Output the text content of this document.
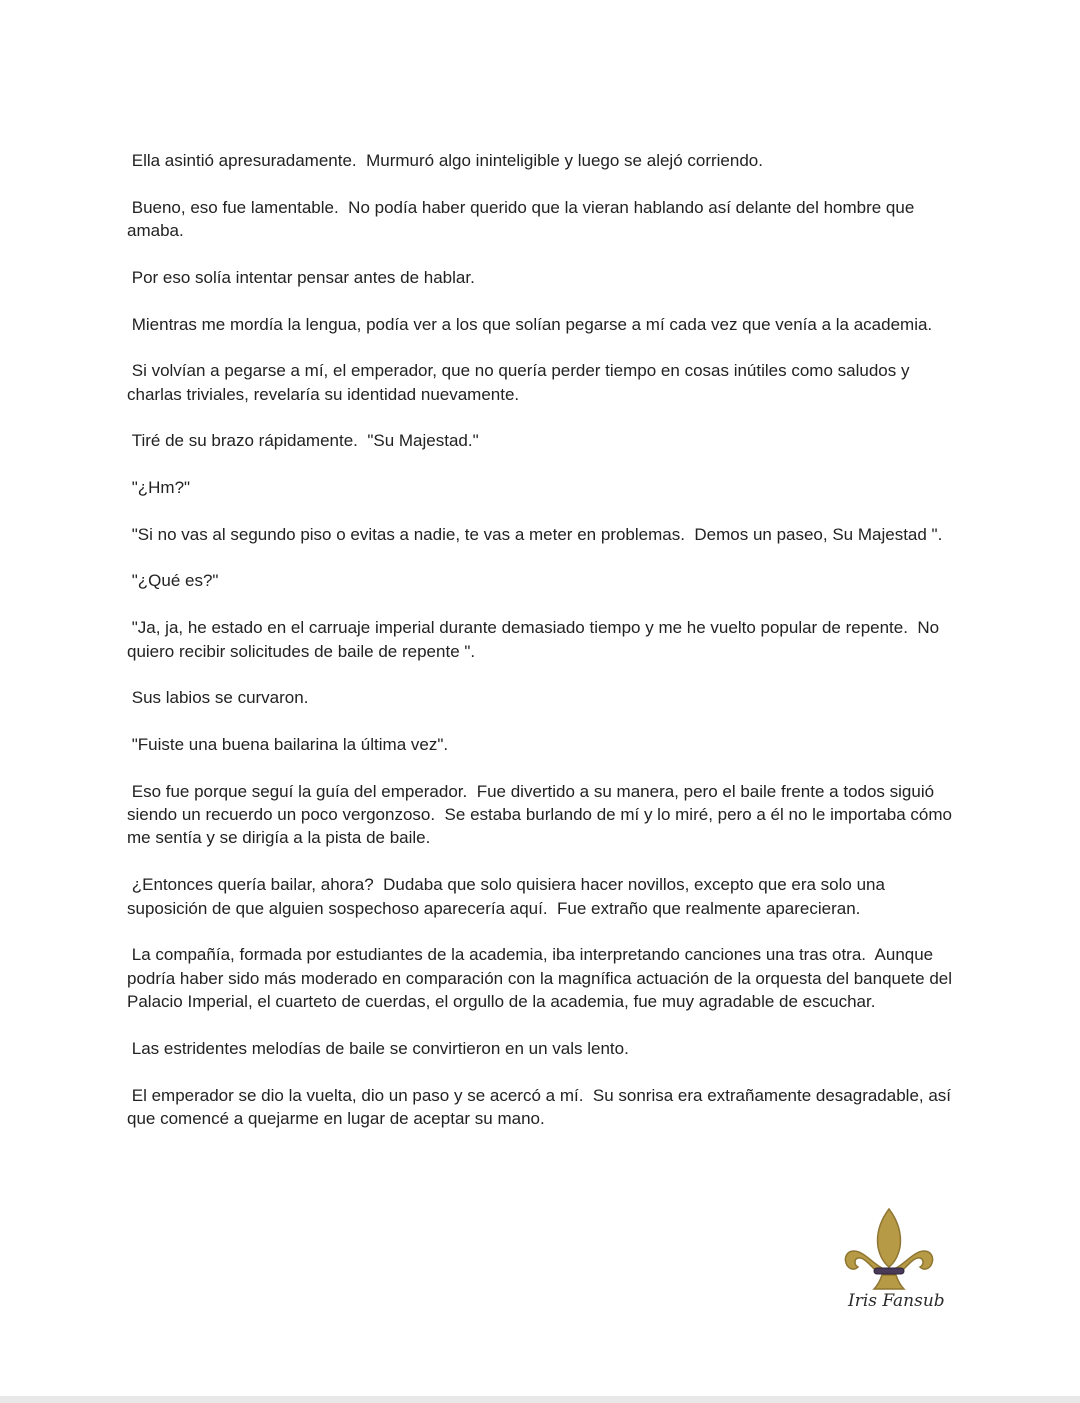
Ella asintió apresuradamente.  Murmuró algo ininteligible y luego se alejó corriendo.

Bueno, eso fue lamentable.  No podía haber querido que la vieran hablando así delante del hombre que amaba.

Por eso solía intentar pensar antes de hablar.

Mientras me mordía la lengua, podía ver a los que solían pegarse a mí cada vez que venía a la academia.

Si volvían a pegarse a mí, el emperador, que no quería perder tiempo en cosas inútiles como saludos y charlas triviales, revelaría su identidad nuevamente.

Tiré de su brazo rápidamente.  "Su Majestad."

"¿Hm?"

"Si no vas al segundo piso o evitas a nadie, te vas a meter en problemas.  Demos un paseo, Su Majestad ".

"¿Qué es?"

"Ja, ja, he estado en el carruaje imperial durante demasiado tiempo y me he vuelto popular de repente.  No quiero recibir solicitudes de baile de repente ".

Sus labios se curvaron.

"Fuiste una buena bailarina la última vez".

Eso fue porque seguí la guía del emperador.  Fue divertido a su manera, pero el baile frente a todos siguió siendo un recuerdo un poco vergonzoso.  Se estaba burlando de mí y lo miré, pero a él no le importaba cómo me sentía y se dirigía a la pista de baile.

¿Entonces quería bailar, ahora?  Dudaba que solo quisiera hacer novillos, excepto que era solo una suposición de que alguien sospechoso aparecería aquí.  Fue extraño que realmente aparecieran.

La compañía, formada por estudiantes de la academia, iba interpretando canciones una tras otra.  Aunque podría haber sido más moderado en comparación con la magnífica actuación de la orquesta del banquete del Palacio Imperial, el cuarteto de cuerdas, el orgullo de la academia, fue muy agradable de escuchar.

Las estridentes melodías de baile se convirtieron en un vals lento.

El emperador se dio la vuelta, dio un paso y se acercó a mí.  Su sonrisa era extrañamente desagradable, así que comencé a quejarme en lugar de aceptar su mano.

Iris Fansub
